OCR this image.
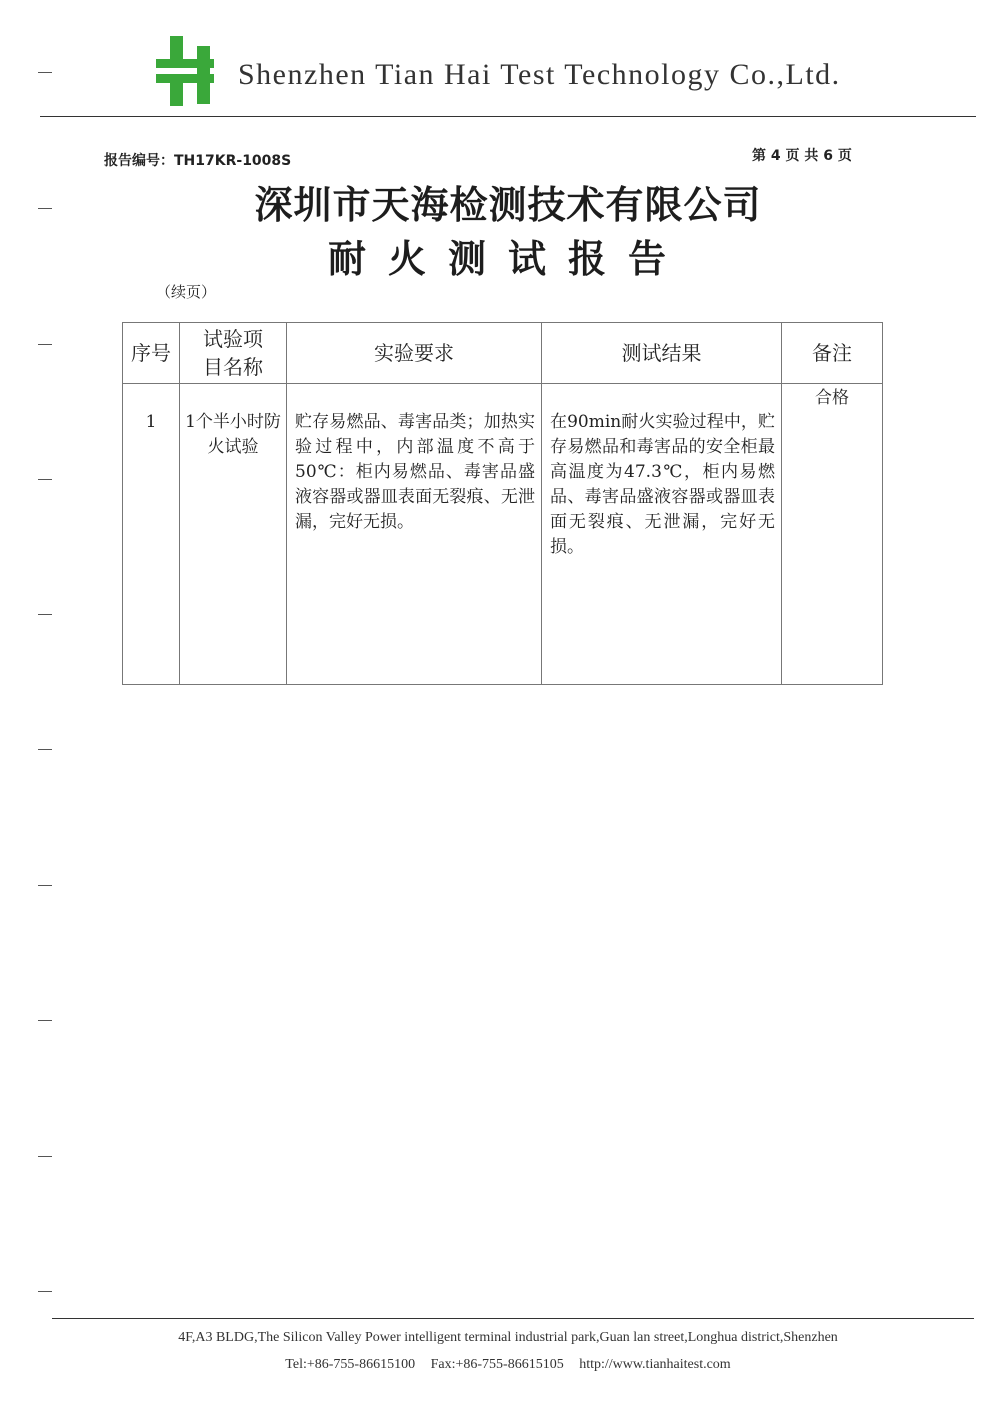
Shenzhen Tian Hai Test Technology Co.,Ltd.
报告编号：TH17KR-1008S	第 4 页 共 6 页
深圳市天海检测技术有限公司
耐火测试报告
（续页）
序号	试验项目名称	实验要求	测试结果	备注
1	1个半小时防火试验	贮存易燃品、毒害品类；加热实验过程中，内部温度不高于50℃：柜内易燃品、毒害品盛液容器或器皿表面无裂痕、无泄漏，完好无损。	在90min耐火实验过程中，贮存易燃品和毒害品的安全柜最高温度为47.3℃，柜内易燃品、毒害品盛液容器或器皿表面无裂痕、无泄漏，完好无损。	合格
4F,A3 BLDG,The Silicon Valley Power intelligent terminal industrial park,Guan lan street,Longhua district,Shenzhen
Tel:+86-755-86615100 Fax:+86-755-86615105 http://www.tianhaitest.com
